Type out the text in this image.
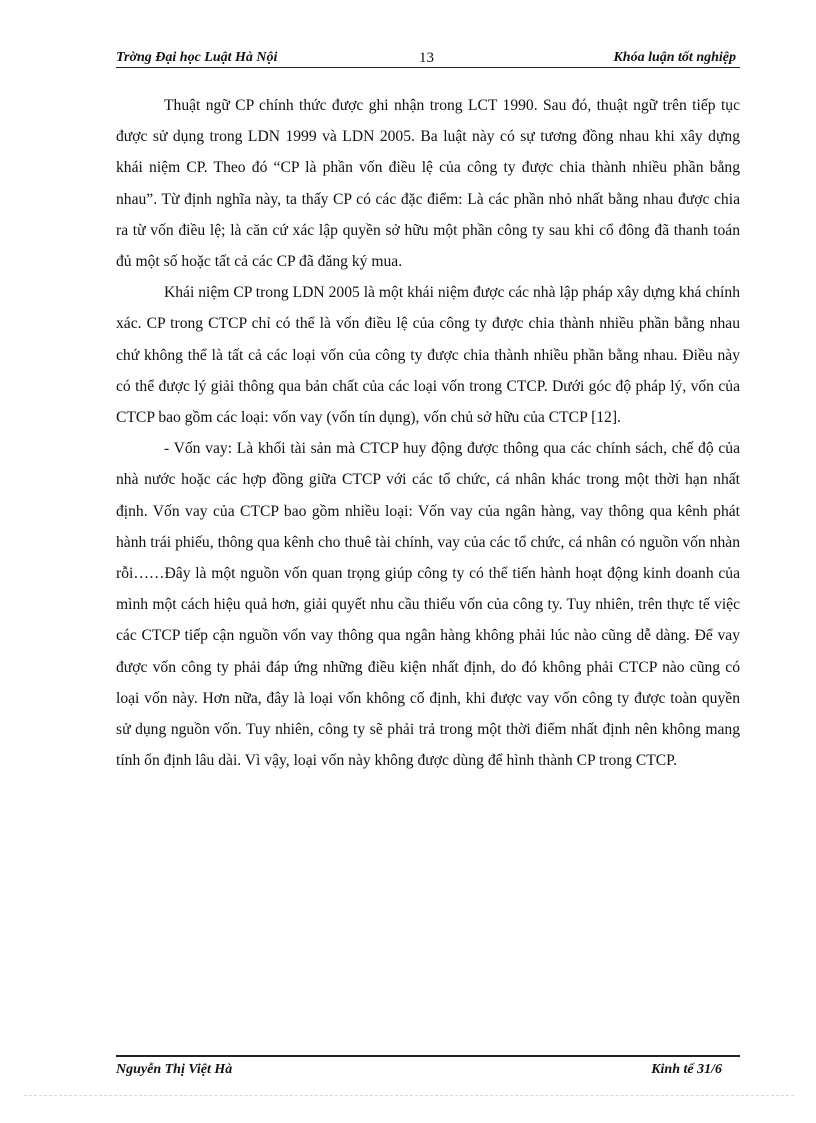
Trờng Đại học Luật Hà Nội	13	Khóa luận tốt nghiệp

Thuật ngữ CP chính thức được ghi nhận trong LCT 1990. Sau đó, thuật ngữ trên tiếp tục được sử dụng trong LDN 1999 và LDN 2005. Ba luật này có sự tương đồng nhau khi xây dựng khái niệm CP. Theo đó “CP là phần vốn điều lệ của công ty được chia thành nhiều phần bằng nhau”. Từ định nghĩa này, ta thấy CP có các đặc điểm: Là các phần nhỏ nhất bằng nhau được chia ra từ vốn điều lệ; là căn cứ xác lập quyền sở hữu một phần công ty sau khi cổ đông đã thanh toán đủ một số hoặc tất cả các CP đã đăng ký mua.

Khái niệm CP trong LDN 2005 là một khái niệm được các nhà lập pháp xây dựng khá chính xác. CP trong CTCP chỉ có thể là vốn điều lệ của công ty được chia thành nhiều phần bằng nhau chứ không thể là tất cả các loại vốn của công ty được chia thành nhiều phần bằng nhau. Điều này có thể được lý giải thông qua bản chất của các loại vốn trong CTCP. Dưới góc độ pháp lý, vốn của CTCP bao gồm các loại: vốn vay (vốn tín dụng), vốn chủ sở hữu của CTCP [12].

- Vốn vay: Là khối tài sản mà CTCP huy động được thông qua các chính sách, chế độ của nhà nước hoặc các hợp đồng giữa CTCP với các tổ chức, cá nhân khác trong một thời hạn nhất định. Vốn vay của CTCP bao gồm nhiều loại: Vốn vay của ngân hàng, vay thông qua kênh phát hành trái phiếu, thông qua kênh cho thuê tài chính, vay của các tổ chức, cá nhân có nguồn vốn nhàn rỗi……Đây là một nguồn vốn quan trọng giúp công ty có thể tiến hành hoạt động kinh doanh của mình một cách hiệu quả hơn, giải quyết nhu cầu thiếu vốn của công ty. Tuy nhiên, trên thực tế việc các CTCP tiếp cận nguồn vốn vay thông qua ngân hàng không phải lúc nào cũng dễ dàng. Để vay được vốn công ty phải đáp ứng những điều kiện nhất định, do đó không phải CTCP nào cũng có loại vốn này. Hơn nữa, đây là loại vốn không cố định, khi được vay vốn công ty được toàn quyền sử dụng nguồn vốn. Tuy nhiên, công ty sẽ phải trả trong một thời điểm nhất định nên không mang tính ổn định lâu dài. Vì vậy, loại vốn này không được dùng để hình thành CP trong CTCP.

Nguyễn Thị Việt Hà	Kinh tế 31/6
